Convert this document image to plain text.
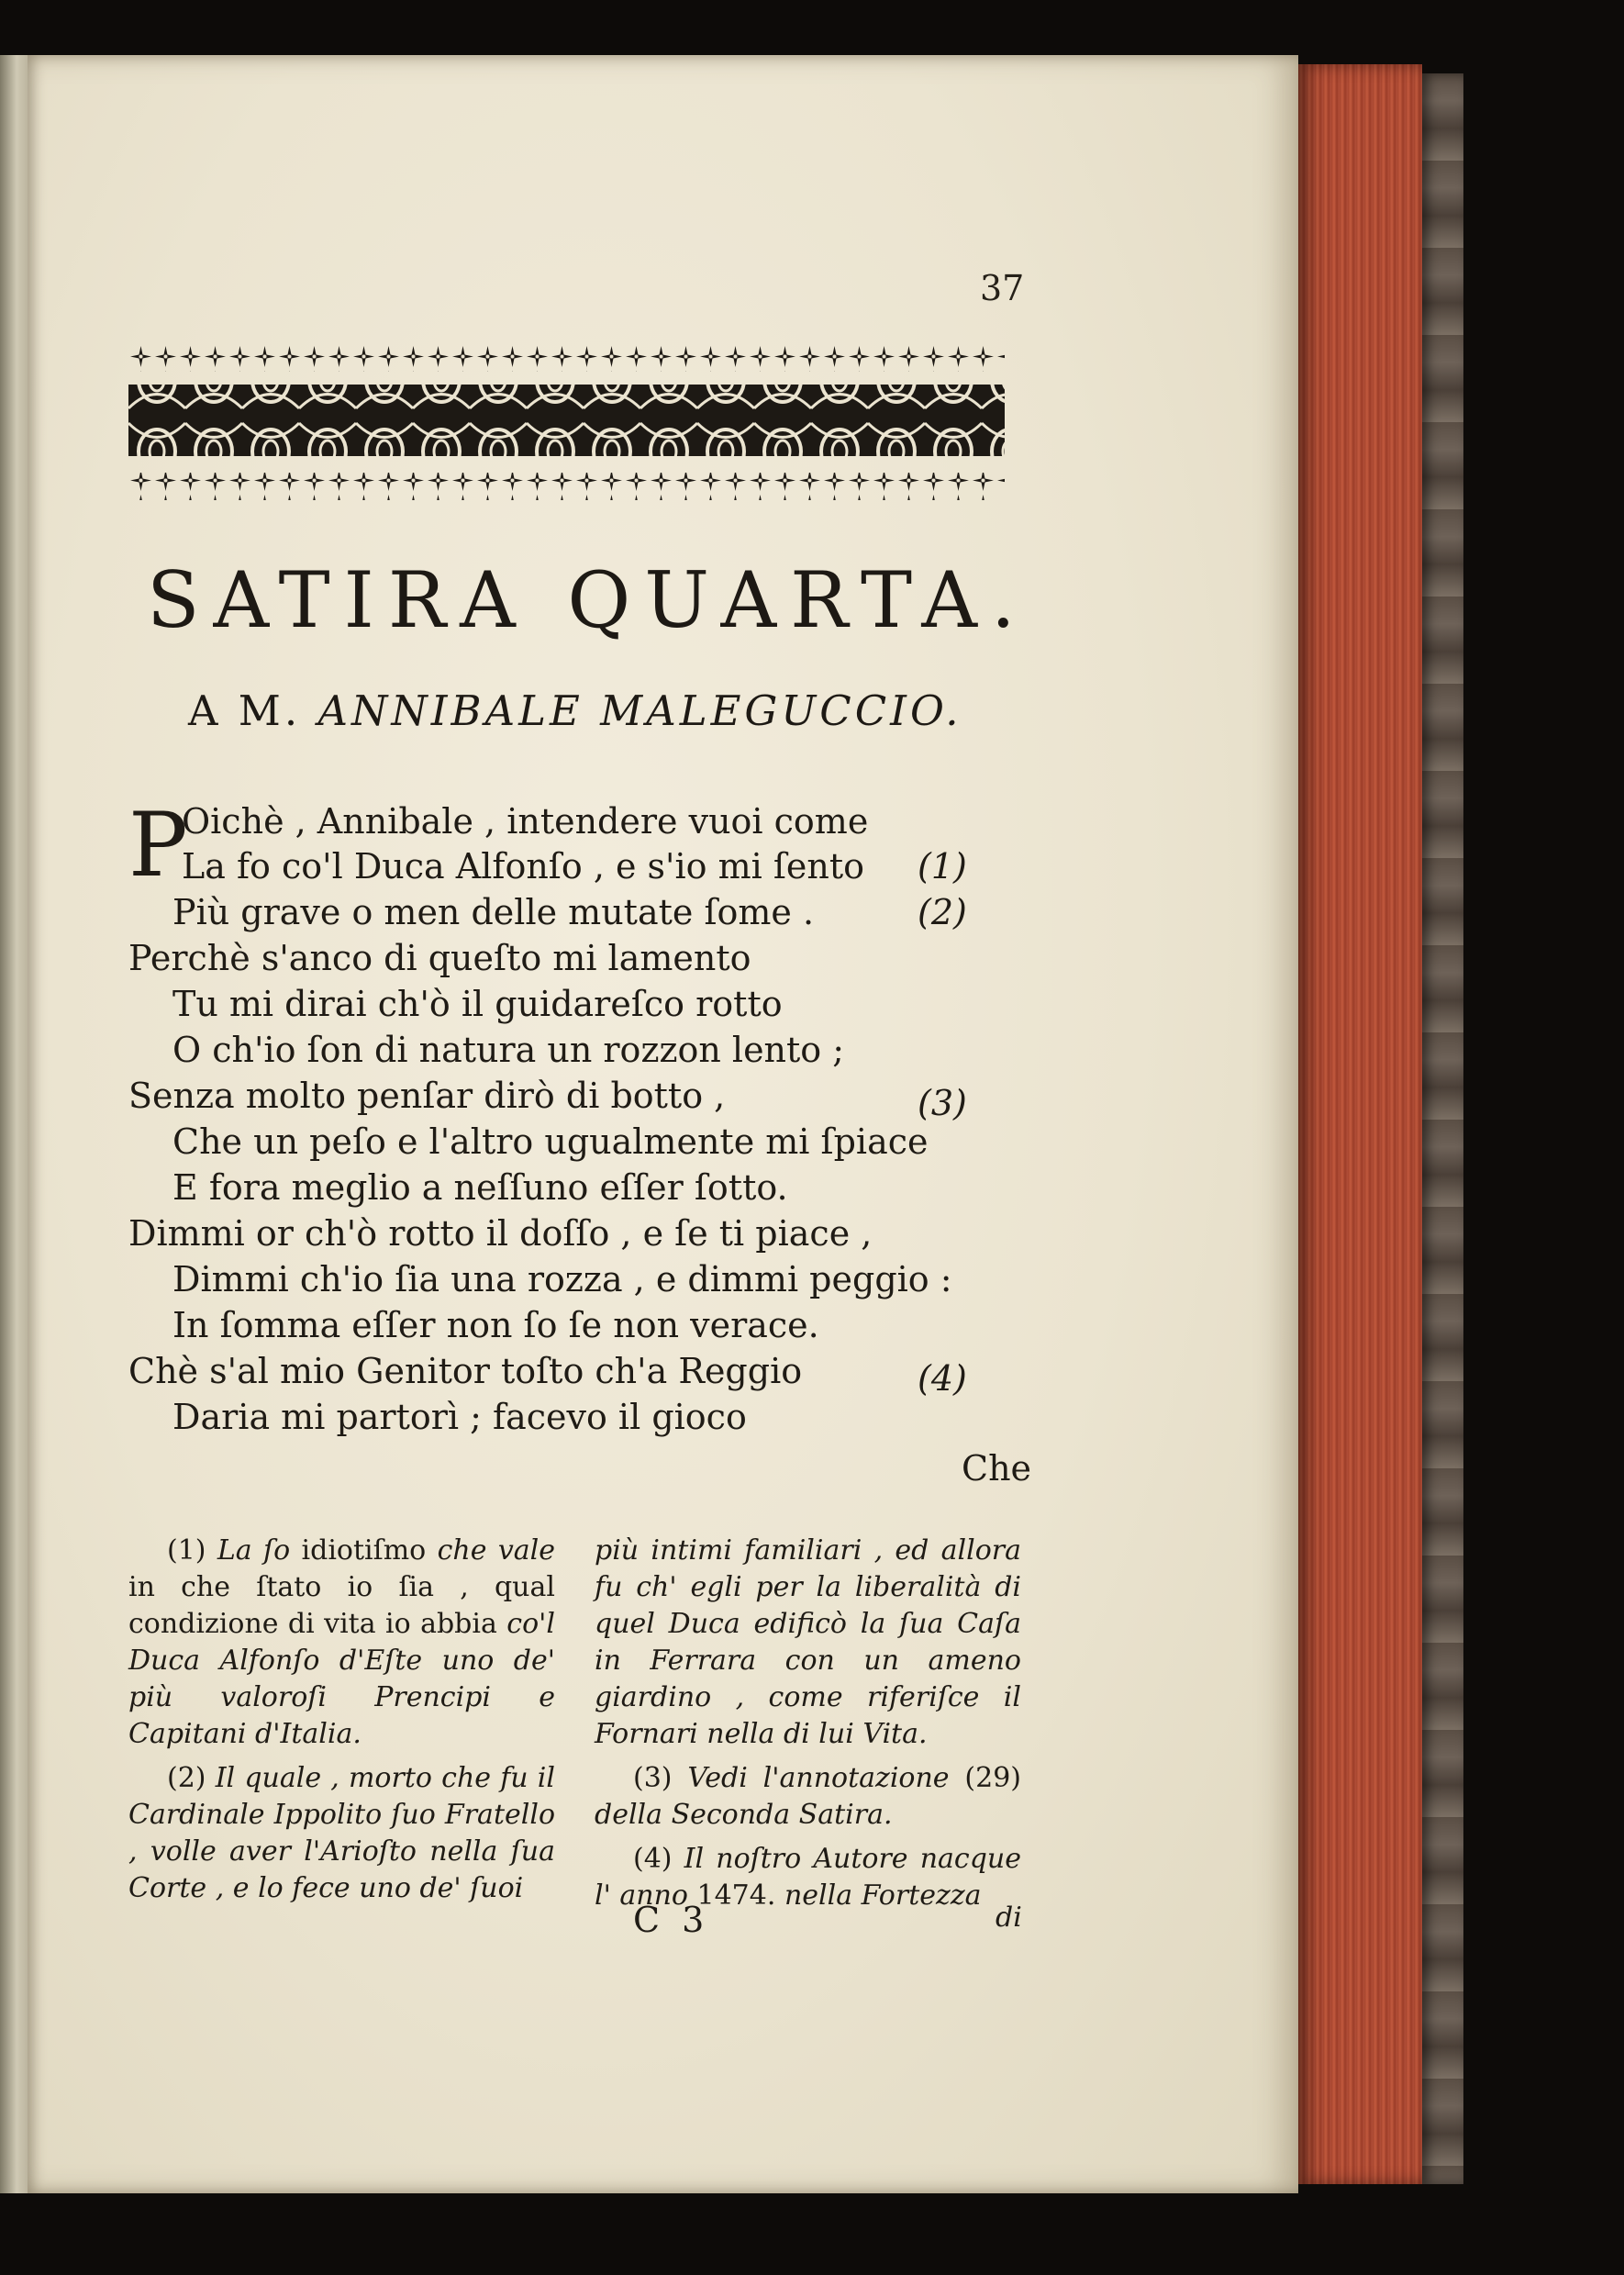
37
SATIRA QUARTA.
A M. ANNIBALE MALEGUCCIO.
P
Oichè , Annibale , intendere vuoi come
La fo co'l Duca Alfonſo , e s'io mi ſento
Più grave o men delle mutate ſome .
Perchè s'anco di queſto mi lamento
Tu mi dirai ch'ò il guidareſco rotto
O ch'io ſon di natura un rozzon lento ;
Senza molto penſar dirò di botto ,
Che un peſo e l'altro ugualmente mi ſpiace
E fora meglio a neſſuno eſſer ſotto.
Dimmi or ch'ò rotto il doſſo , e ſe ti piace ,
Dimmi ch'io ſia una rozza , e dimmi peggio :
In ſomma eſſer non ſo ſe non verace.
Chè s'al mio Genitor toſto ch'a Reggio
Daria mi partorì ; facevo il gioco
(1)
(2)
(3)
(4)
Che

(1) La ſo idiotiſmo che vale in che ſtato io ſia , qual condizione di vita io abbia co'l Duca Alfonſo d'Eſte uno de' più valoroſi Prencipi e Capitani d'Italia.

(2) Il quale , morto che fu il Cardinale Ippolito ſuo Fratello , volle aver l'Arioſto nella ſua Corte , e lo fece uno de' ſuoi

più intimi familiari , ed allora fu ch' egli per la liberalità di quel Duca edificò la ſua Caſa in Ferrara con un ameno giardino , come riferiſce il Fornari nella di lui Vita.

(3) Vedi l'annotazione (29) della Seconda Satira.

(4) Il noſtro Autore nacque l' anno 1474. nella Fortezza

C 3	di
